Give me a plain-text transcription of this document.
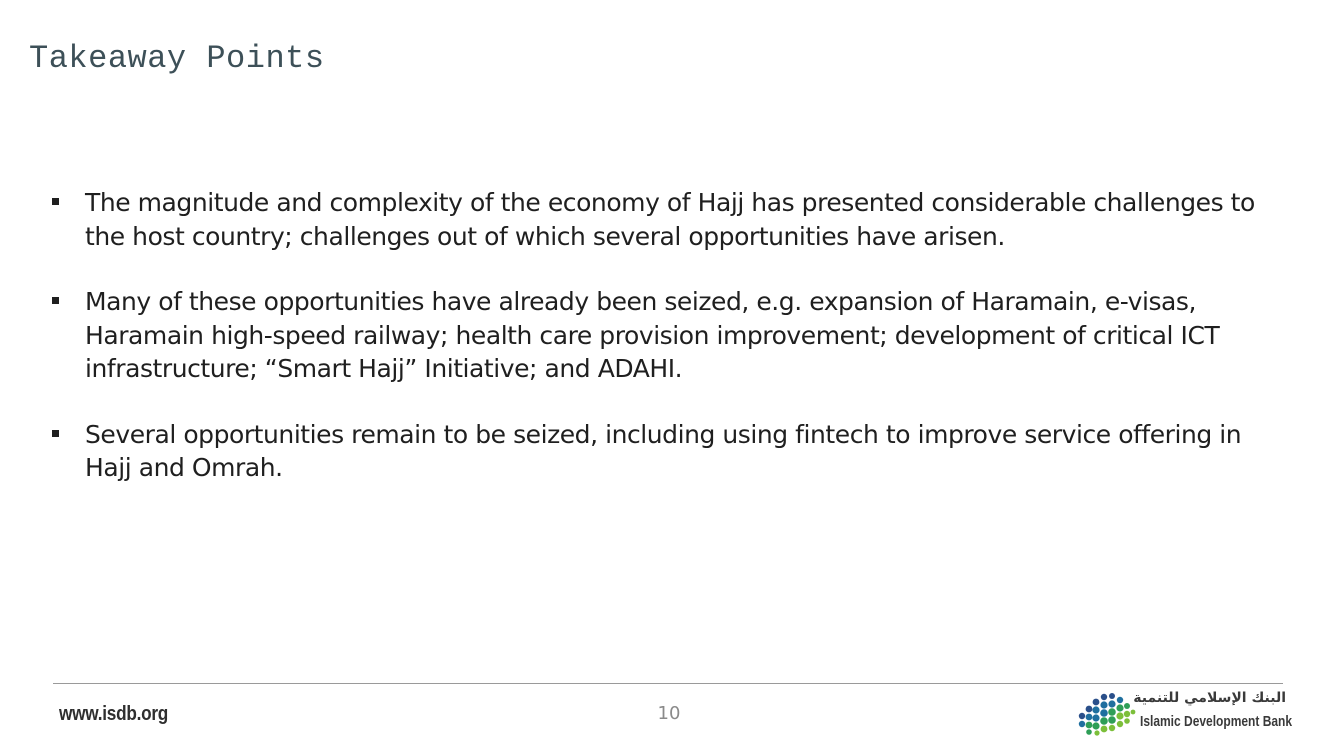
Takeaway Points
The magnitude and complexity of the economy of Hajj has presented considerable challenges to the host country; challenges out of which several opportunities have arisen.
Many of these opportunities have already been seized, e.g. expansion of Haramain, e-visas, Haramain high-speed railway; health care provision improvement; development of critical ICT infrastructure; “Smart Hajj” Initiative; and ADAHI.
Several opportunities remain to be seized, including using fintech to improve service offering in Hajj and Omrah.
www.isdb.org	10
البنك الإسلامي للتنمية
Islamic Development Bank
